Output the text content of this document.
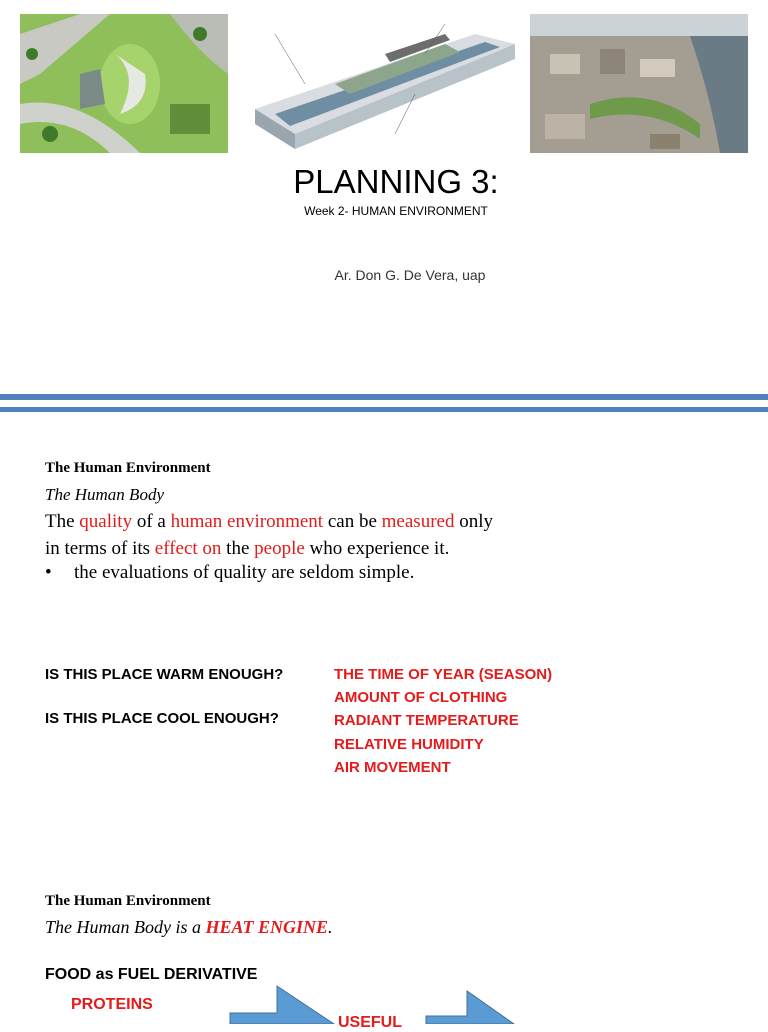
PLANNING 3:
Week 2- HUMAN ENVIRONMENT
Ar. Don G. De Vera, uap
The Human Environment
The Human Body
The quality of a human environment can be measured only
in terms of its effect on the people who experience it.
• the evaluations of quality are seldom simple.
IS THIS PLACE WARM ENOUGH?
IS THIS PLACE COOL ENOUGH?
THE TIME OF YEAR (SEASON)
AMOUNT OF CLOTHING
RADIANT TEMPERATURE
RELATIVE HUMIDITY
AIR MOVEMENT
The Human Environment
The Human Body is a HEAT ENGINE.
FOOD as FUEL DERIVATIVE
PROTEINS
USEFUL
